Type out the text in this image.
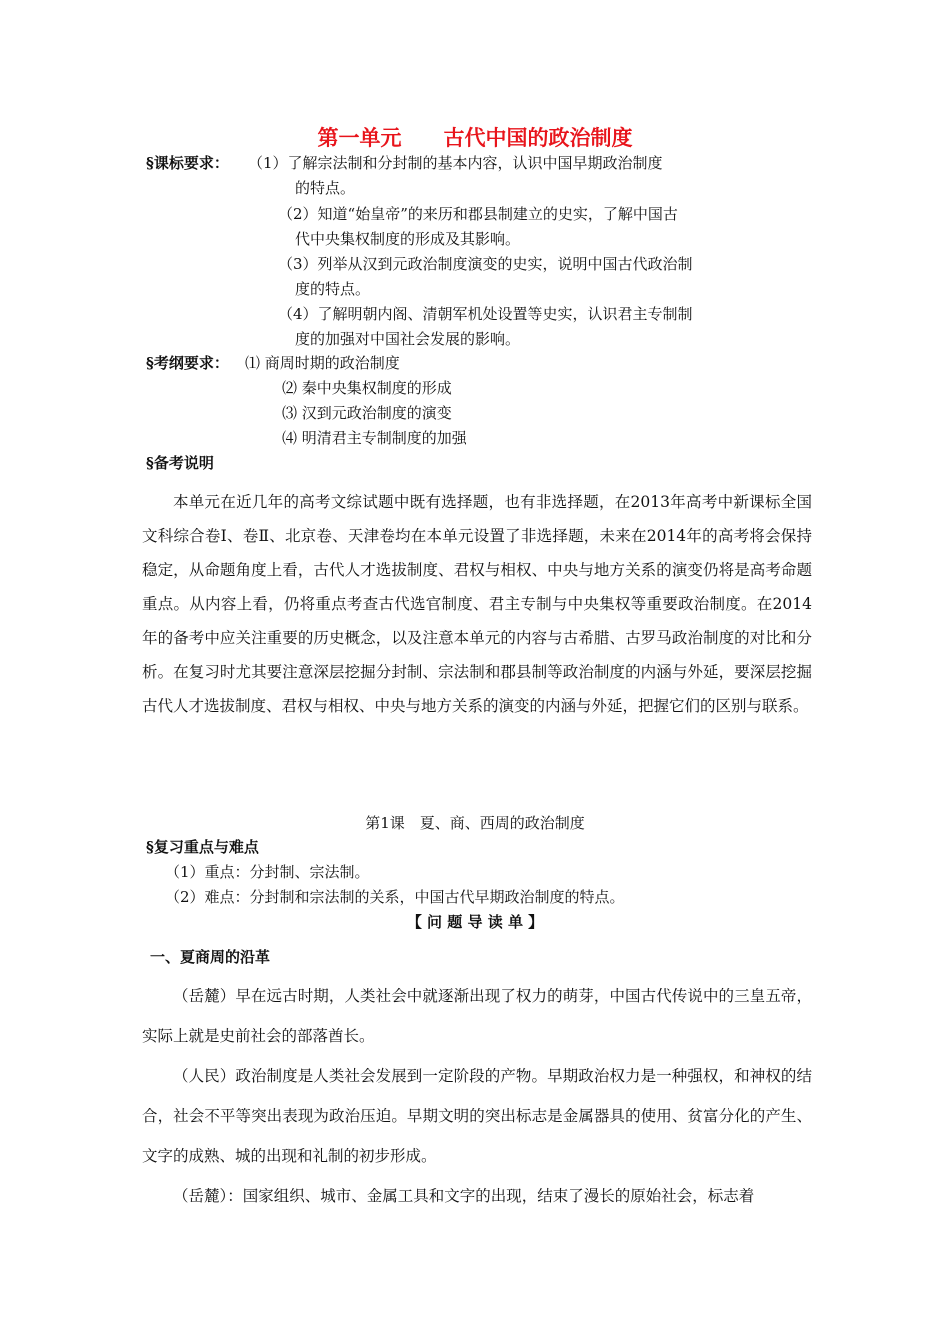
第一单元　　古代中国的政治制度
§课标要求： （1）了解宗法制和分封制的基本内容，认识中国早期政治制度
的特点。
（2）知道“始皇帝”的来历和郡县制建立的史实，了解中国古
代中央集权制度的形成及其影响。
（3）列举从汉到元政治制度演变的史实，说明中国古代政治制
度的特点。
（4）了解明朝内阁、清朝军机处设置等史实，认识君主专制制
度的加强对中国社会发展的影响。
§考纲要求： ⑴ 商周时期的政治制度
⑵ 秦中央集权制度的形成
⑶ 汉到元政治制度的演变
⑷ 明清君主专制制度的加强
§备考说明

本单元在近几年的高考文综试题中既有选择题，也有非选择题，在2013年高考中新课标全国文科综合卷Ⅰ、卷Ⅱ、北京卷、天津卷均在本单元设置了非选择题，未来在2014年的高考将会保持稳定，从命题角度上看，古代人才选拔制度、君权与相权、中央与地方关系的演变仍将是高考命题重点。从内容上看，仍将重点考查古代选官制度、君主专制与中央集权等重要政治制度。在2014年的备考中应关注重要的历史概念，以及注意本单元的内容与古希腊、古罗马政治制度的对比和分析。在复习时尤其要注意深层挖掘分封制、宗法制和郡县制等政治制度的内涵与外延，要深层挖掘古代人才选拔制度、君权与相权、中央与地方关系的演变的内涵与外延，把握它们的区别与联系。

第1课　夏、商、西周的政治制度
§复习重点与难点
（1）重点：分封制、宗法制。
（2）难点：分封制和宗法制的关系，中国古代早期政治制度的特点。
【 问 题 导 读 单 】
一、夏商周的沿革

（岳麓）早在远古时期，人类社会中就逐渐出现了权力的萌芽，中国古代传说中的三皇五帝，实际上就是史前社会的部落酋长。

（人民）政治制度是人类社会发展到一定阶段的产物。早期政治权力是一种强权，和神权的结合，社会不平等突出表现为政治压迫。早期文明的突出标志是金属器具的使用、贫富分化的产生、文字的成熟、城的出现和礼制的初步形成。

（岳麓）：国家组织、城市、金属工具和文字的出现，结束了漫长的原始社会，标志着
